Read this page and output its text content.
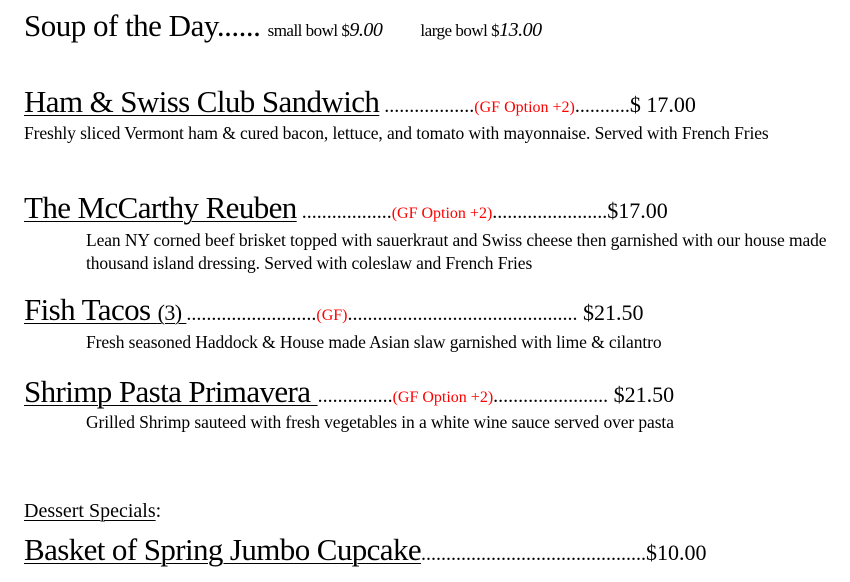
Soup of the Day...... small bowl $9.00 large bowl $13.00
Ham & Swiss Club Sandwich ..................(GF Option +2)...........$ 17.00
Freshly sliced Vermont ham & cured bacon, lettuce, and tomato with mayonnaise. Served with French Fries
The McCarthy Reuben ..................(GF Option +2).......................$17.00
Lean NY corned beef brisket topped with sauerkraut and Swiss cheese then garnished with our house made thousand island dressing. Served with coleslaw and French Fries
Fish Tacos (3) ..........................(GF).............................................. $21.50
Fresh seasoned Haddock & House made Asian slaw garnished with lime & cilantro
Shrimp Pasta Primavera ...............(GF Option +2)....................... $21.50
Grilled Shrimp sauteed with fresh vegetables in a white wine sauce served over pasta
Dessert Specials:
Basket of Spring Jumbo Cupcake.............................................$10.00
